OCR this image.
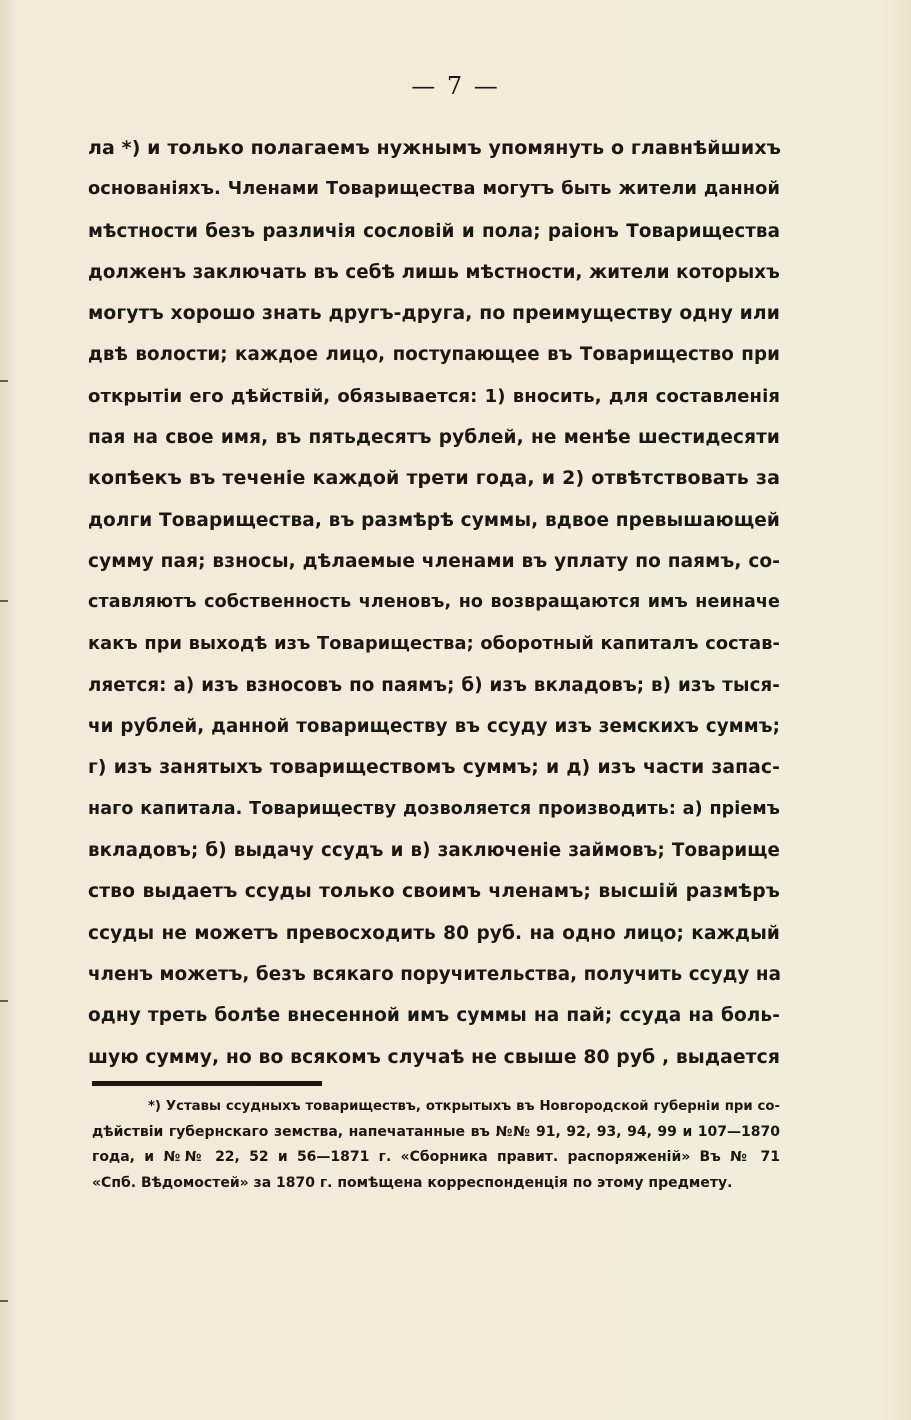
— 7 —
ла *) и только полагаемъ нужнымъ упомянуть о главнѣйшихъ
основаніяхъ. Членами Товарищества могутъ быть жители данной
мѣстности безъ различія сословій и пола; раіонъ Товарищества
долженъ заключать въ себѣ лишь мѣстности, жители которыхъ
могутъ хорошо знать другъ-друга, по преимуществу одну или
двѣ волости; каждое лицо, поступающее въ Товарищество при
открытіи его дѣйствій, обязывается: 1) вносить, для составленія
пая на свое имя, въ пятьдесятъ рублей, не менѣе шестидесяти
копѣекъ въ теченіе каждой трети года, и 2) отвѣтствовать за
долги Товарищества, въ размѣрѣ суммы, вдвое превышающей
сумму пая; взносы, дѣлаемые членами въ уплату по паямъ, со-
ставляютъ собственность членовъ, но возвращаются имъ неиначе
какъ при выходѣ изъ Товарищества; оборотный капиталъ состав-
ляется: а) изъ взносовъ по паямъ; б) изъ вкладовъ; в) изъ тыся-
чи рублей, данной товариществу въ ссуду изъ земскихъ суммъ;
г) изъ занятыхъ товариществомъ суммъ; и д) изъ части запас-
наго капитала. Товариществу дозволяется производить: а) пріемъ
вкладовъ; б) выдачу ссудъ и в) заключеніе займовъ; Товарище
ство выдаетъ ссуды только своимъ членамъ; высшій размѣръ
ссуды не можетъ превосходить 80 руб. на одно лицо; каждый
членъ можетъ, безъ всякаго поручительства, получить ссуду на
одну треть болѣе внесенной имъ суммы на пай; ссуда на боль-
шую сумму, но во всякомъ случаѣ не свыше 80 руб , выдается
*) Уставы ссудныхъ товариществъ, открытыхъ въ Новгородской губерніи при со-
дѣйствіи губернскаго земства, напечатанные въ №№ 91, 92, 93, 94, 99 и 107—1870
года, и №№ 22, 52 и 56—1871 г. «Сборника правит. распоряженій» Въ № 71
«Спб. Вѣдомостей» за 1870 г. помѣщена корреспонденція по этому предмету.
